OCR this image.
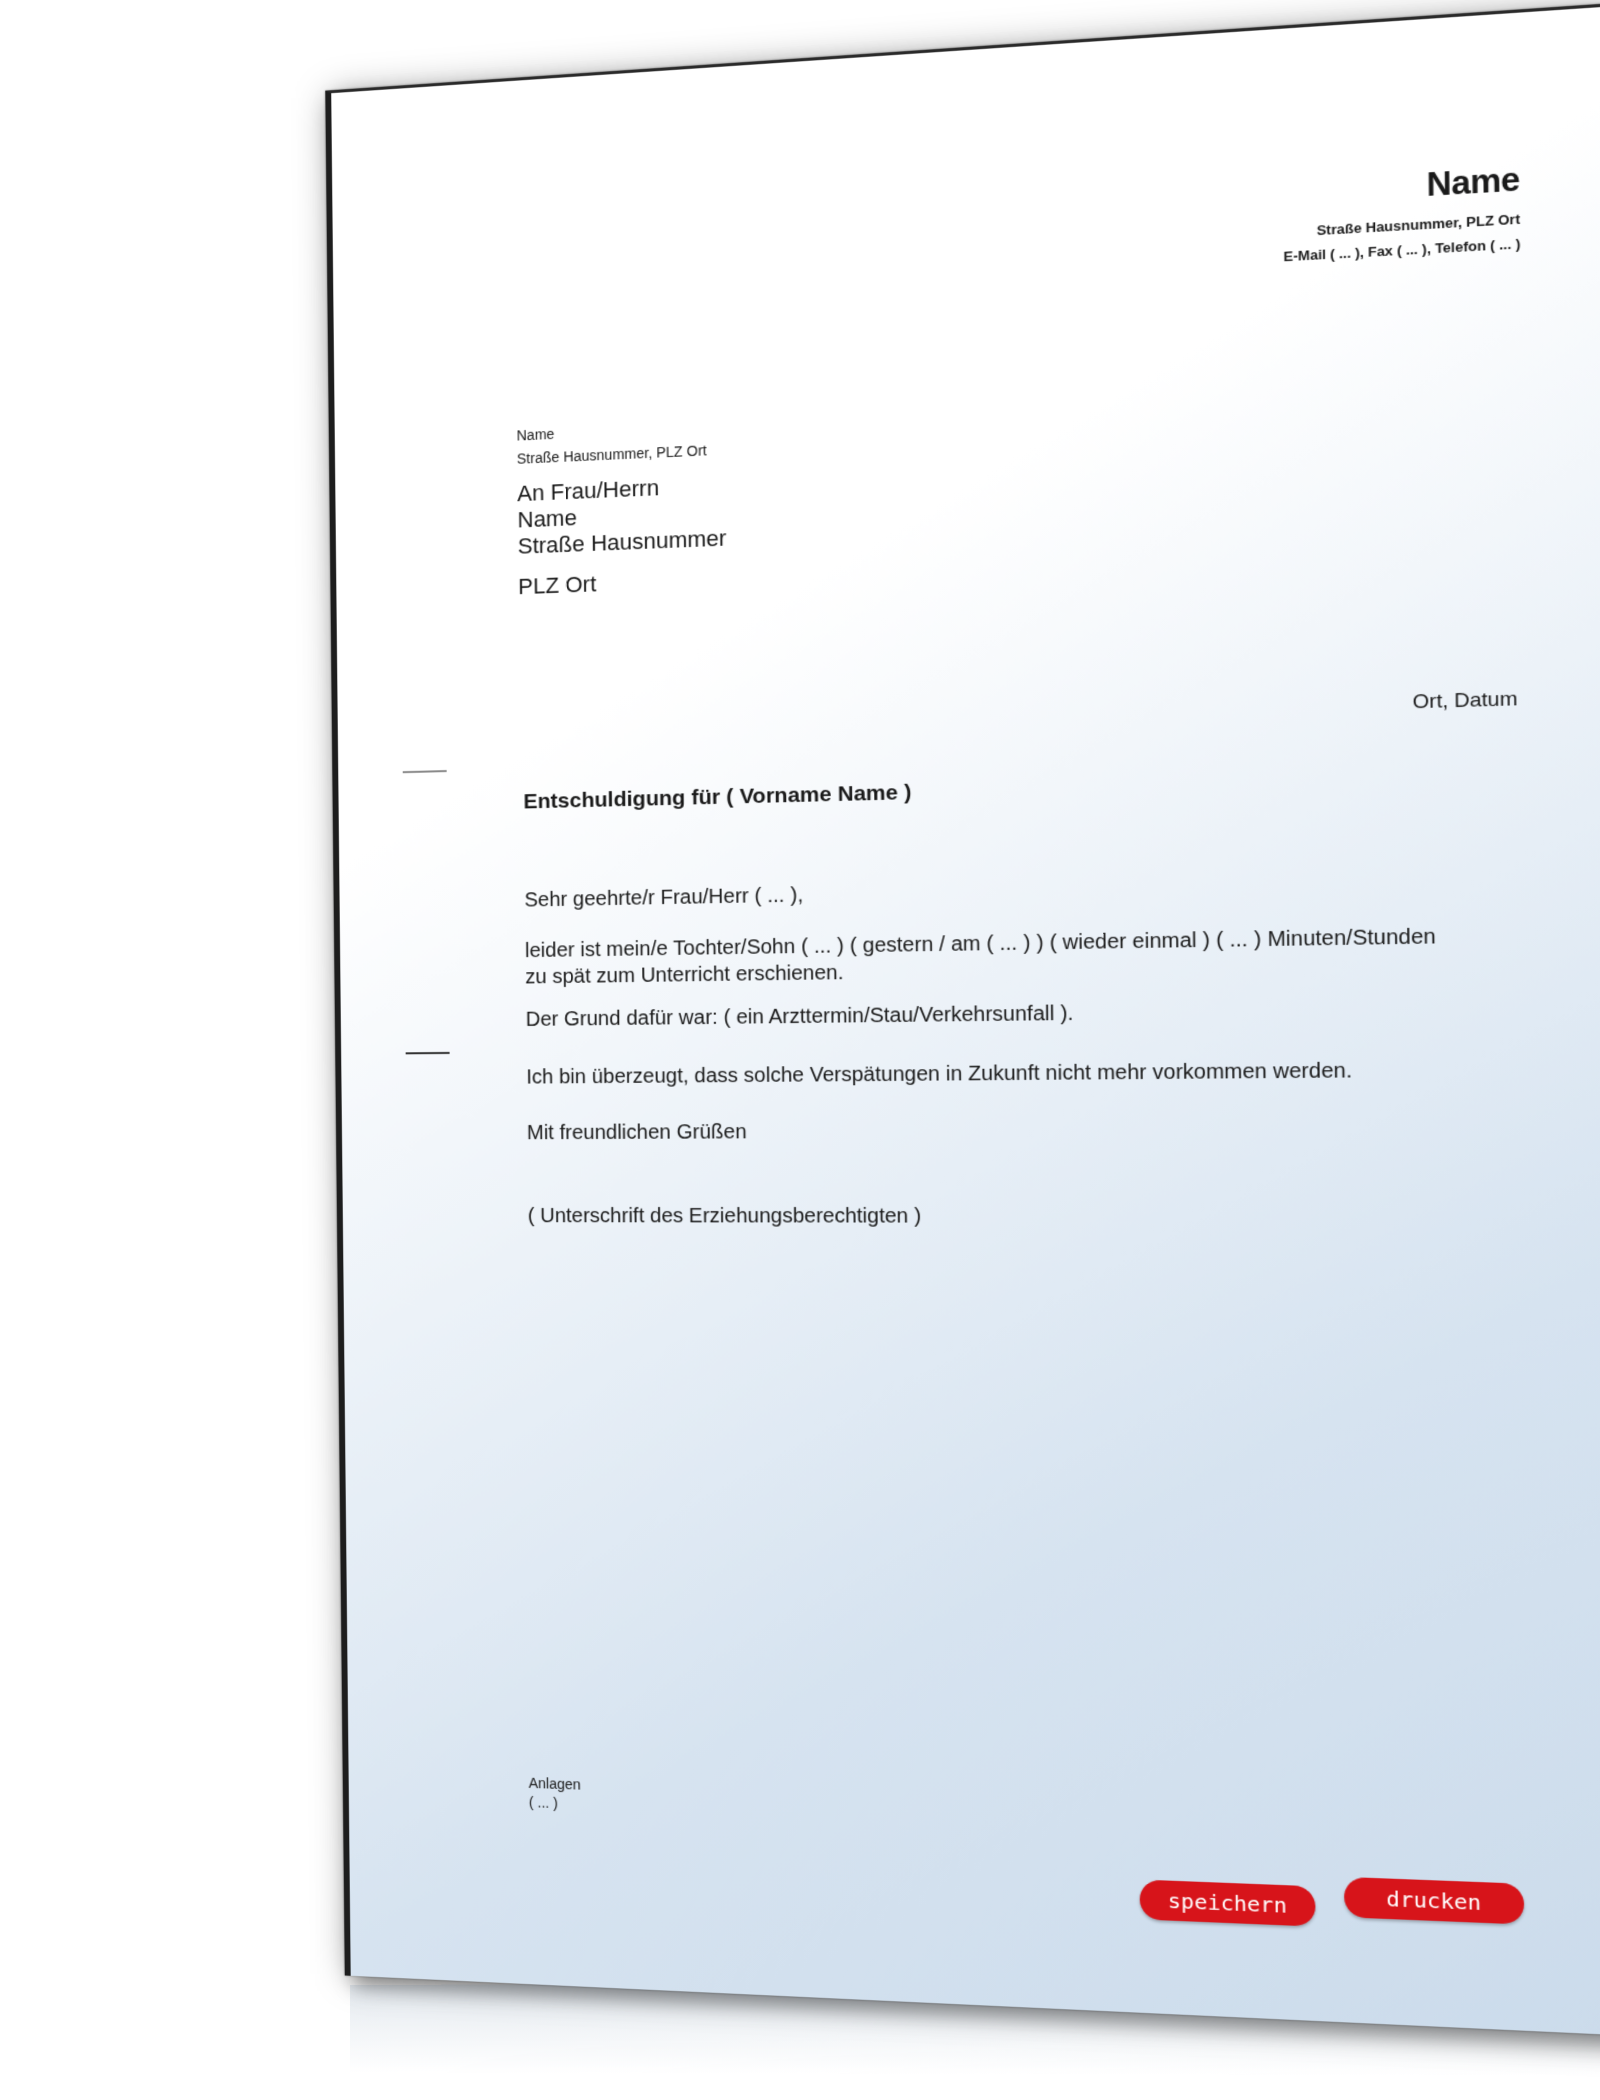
Name
Straße Hausnummer, PLZ Ort
E-Mail ( ... ), Fax ( ... ), Telefon ( ... )
Name
Straße Hausnummer, PLZ Ort
An Frau/Herrn
Name
Straße Hausnummer
PLZ Ort
Ort, Datum
Entschuldigung für ( Vorname Name )
Sehr geehrte/r Frau/Herr ( ... ),
leider ist mein/e Tochter/Sohn ( ... ) ( gestern / am ( ... ) ) ( wieder einmal ) ( ... ) Minuten/Stunden zu spät zum Unterricht erschienen.
Der Grund dafür war: ( ein Arzttermin/Stau/Verkehrsunfall ).
Ich bin überzeugt, dass solche Verspätungen in Zukunft nicht mehr vorkommen werden.
Mit freundlichen Grüßen
( Unterschrift des Erziehungsberechtigten )
Anlagen
( ... )
speichern	drucken
